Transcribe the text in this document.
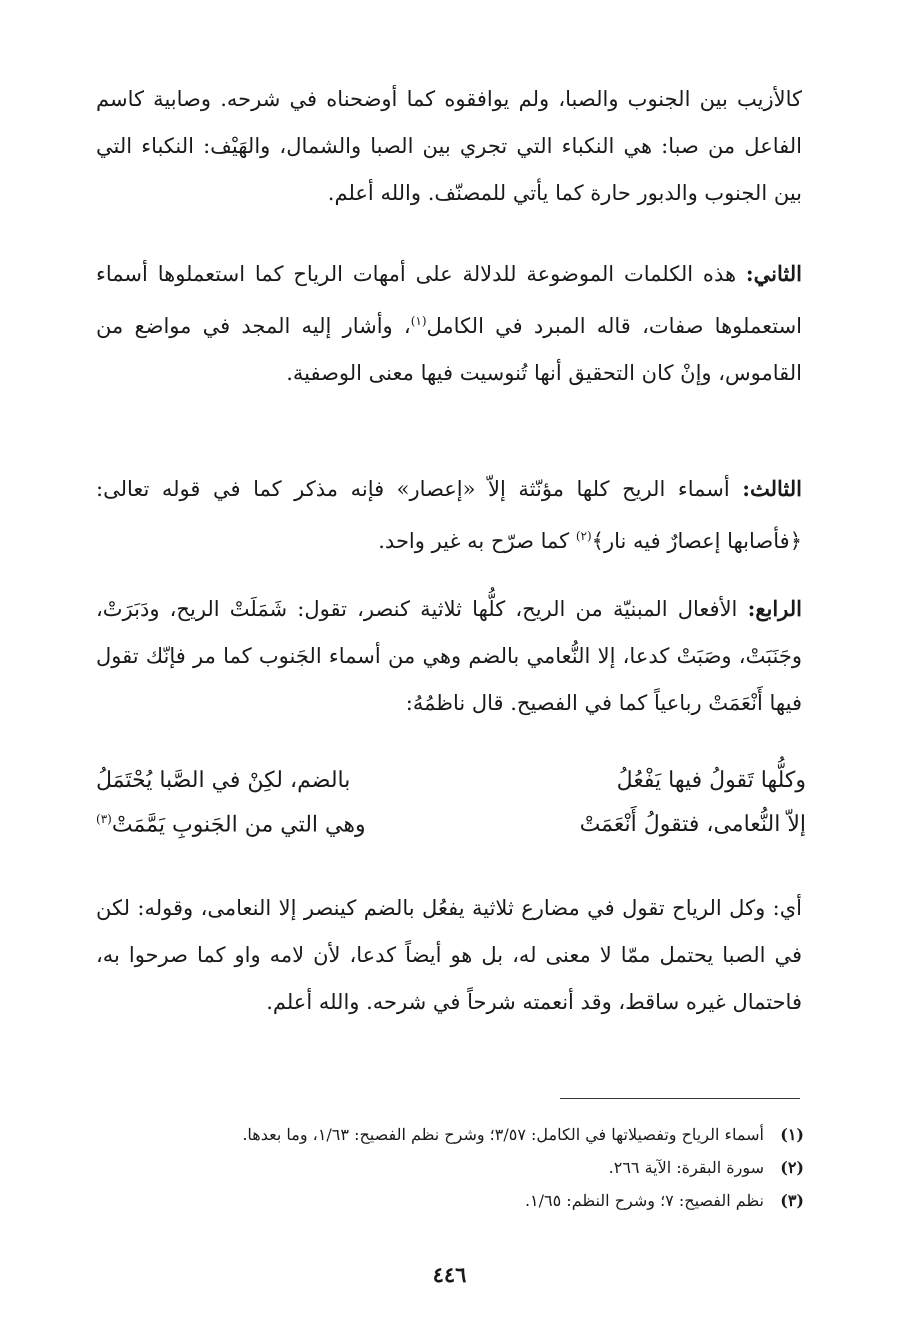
كالأزيب بين الجنوب والصبا، ولم يوافقوه كما أوضحناه في شرحه. وصابية كاسم الفاعل من صبا: هي النكباء التي تجري بين الصبا والشمال، والهَيْف: النكباء التي بين الجنوب والدبور حارة كما يأتي للمصنّف. والله أعلم.
الثاني: هذه الكلمات الموضوعة للدلالة على أمهات الرياح كما استعملوها أسماء استعملوها صفات، قاله المبرد في الكامل$^{(١)}$، وأشار إليه المجد في مواضع من القاموس، وإنْ كان التحقيق أنها تُنوسيت فيها معنى الوصفية.
الثالث: أسماء الريح كلها مؤنّثة إلاّ «إعصار» فإنه مذكر كما في قوله تعالى: ﴿فأصابها إعصارٌ فيه نار﴾$^{(٢)}$ كما صرّح به غير واحد.
الرابع: الأفعال المبنيّة من الريح، كلُّها ثلاثية كنصر، تقول: شَمَلَتْ الريح، ودَبَرَتْ، وجَنَبَتْ، وصَبَتْ كدعا، إلا النُّعامي بالضم وهي من أسماء الجَنوب كما مر فإنّك تقول فيها أَنْعَمَتْ رباعياً كما في الفصيح. قال ناظمُهُ:
وكلُّها تَقولُ فيها يَفْعُلُ
بالضم، لكِنْ في الصَّبا يُحْتَمَلُ
إلاّ النُّعامى، فتقولُ أَنْعَمَتْ
وهي التي من الجَنوبِ يَمَّمَتْ$^{(٣)}$
أي: وكل الرياح تقول في مضارع ثلاثية يفعُل بالضم كينصر إلا النعامى، وقوله: لكن في الصبا يحتمل ممّا لا معنى له، بل هو أيضاً كدعا، لأن لامه واو كما صرحوا به، فاحتمال غيره ساقط، وقد أنعمته شرحاً في شرحه. والله أعلم.
(١)
أسماء الرياح وتفصيلاتها في الكامل: ٣/٥٧؛ وشرح نظم الفصيح: ١/٦٣، وما بعدها.
(٢)
سورة البقرة: الآية ٢٦٦.
(٣)
نظم الفصيح: ٧؛ وشرح النظم: ١/٦٥.
٤٤٦
